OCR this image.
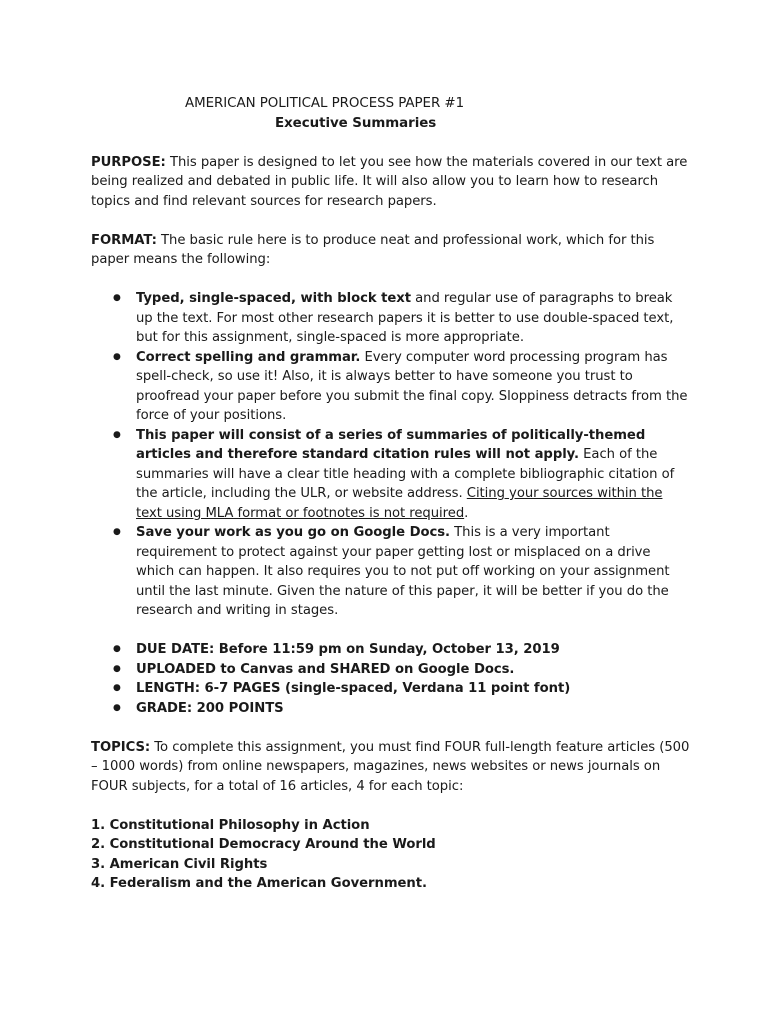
AMERICAN POLITICAL PROCESS PAPER #1
Executive Summaries

PURPOSE: This paper is designed to let you see how the materials covered in our text are being realized and debated in public life. It will also allow you to learn how to research topics and find relevant sources for research papers.

FORMAT: The basic rule here is to produce neat and professional work, which for this paper means the following:

● Typed, single-spaced, with block text and regular use of paragraphs to break up the text. For most other research papers it is better to use double-spaced text, but for this assignment, single-spaced is more appropriate.
● Correct spelling and grammar. Every computer word processing program has spell-check, so use it! Also, it is always better to have someone you trust to proofread your paper before you submit the final copy. Sloppiness detracts from the force of your positions.
● This paper will consist of a series of summaries of politically-themed articles and therefore standard citation rules will not apply. Each of the summaries will have a clear title heading with a complete bibliographic citation of the article, including the ULR, or website address. Citing your sources within the text using MLA format or footnotes is not required.
● Save your work as you go on Google Docs. This is a very important requirement to protect against your paper getting lost or misplaced on a drive which can happen. It also requires you to not put off working on your assignment until the last minute. Given the nature of this paper, it will be better if you do the research and writing in stages.
● DUE DATE: Before 11:59 pm on Sunday, October 13, 2019
● UPLOADED to Canvas and SHARED on Google Docs.
● LENGTH: 6-7 PAGES (single-spaced, Verdana 11 point font)
● GRADE: 200 POINTS

TOPICS: To complete this assignment, you must find FOUR full-length feature articles (500 – 1000 words) from online newspapers, magazines, news websites or news journals on FOUR subjects, for a total of 16 articles, 4 for each topic:

1. Constitutional Philosophy in Action
2. Constitutional Democracy Around the World
3. American Civil Rights
4. Federalism and the American Government.
